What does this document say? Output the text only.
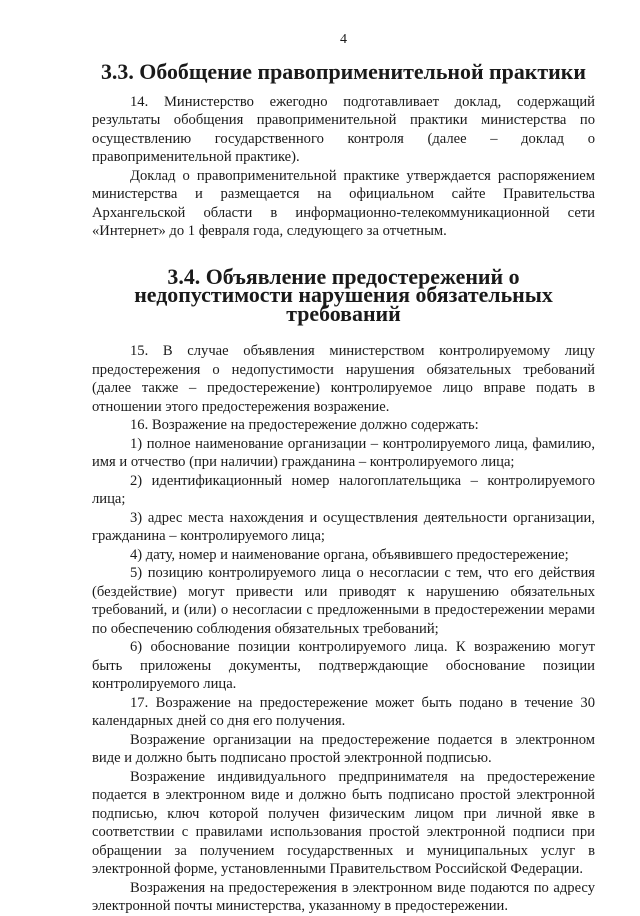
4
3.3. Обобщение правоприменительной практики

14. Министерство ежегодно подготавливает доклад, содержащий результаты обобщения правоприменительной практики министерства по осуществлению государственного контроля (далее – доклад о правоприменительной практике).

Доклад о правоприменительной практике утверждается распоряжением министерства и размещается на официальном сайте Правительства Архангельской области в информационно-телекоммуникационной сети «Интернет» до 1 февраля года, следующего за отчетным.

3.4. Объявление предостережений о недопустимости нарушения обязательных требований

15. В случае объявления министерством контролируемому лицу предостережения о недопустимости нарушения обязательных требований (далее также – предостережение) контролируемое лицо вправе подать в отношении этого предостережения возражение.

16. Возражение на предостережение должно содержать:

1) полное наименование организации – контролируемого лица, фамилию, имя и отчество (при наличии) гражданина – контролируемого лица;

2) идентификационный номер налогоплательщика – контролируемого лица;

3) адрес места нахождения и осуществления деятельности организации, гражданина – контролируемого лица;

4) дату, номер и наименование органа, объявившего предостережение;

5) позицию контролируемого лица о несогласии с тем, что его действия (бездействие) могут привести или приводят к нарушению обязательных требований, и (или) о несогласии с предложенными в предостережении мерами по обеспечению соблюдения обязательных требований;

6) обоснование позиции контролируемого лица. К возражению могут быть приложены документы, подтверждающие обоснование позиции контролируемого лица.

17. Возражение на предостережение может быть подано в течение 30 календарных дней со дня его получения.

Возражение организации на предостережение подается в электронном виде и должно быть подписано простой электронной подписью.

Возражение индивидуального предпринимателя на предостережение подается в электронном виде и должно быть подписано простой электронной подписью, ключ которой получен физическим лицом при личной явке в соответствии с правилами использования простой электронной подписи при обращении за получением государственных и муниципальных услуг в электронной форме, установленными Правительством Российской Федерации.

Возражения на предостережения в электронном виде подаются по адресу электронной почты министерства, указанному в предостережении.
